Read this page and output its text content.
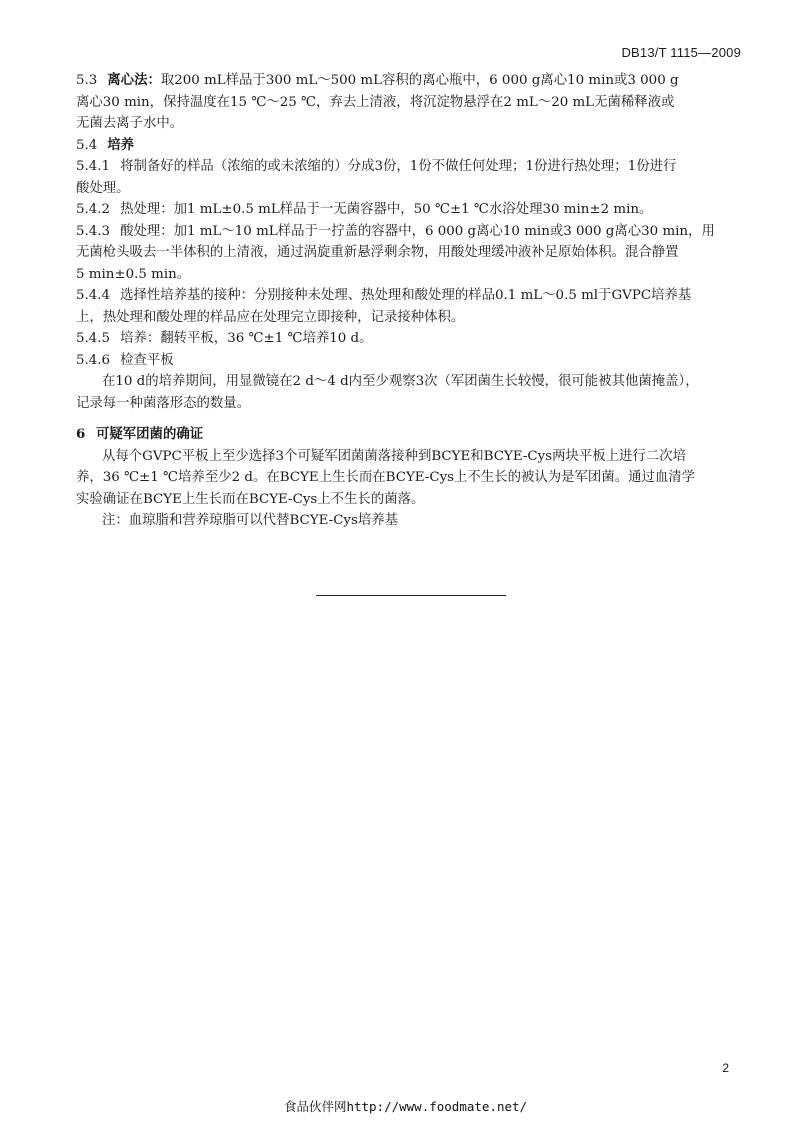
DB13/T 1115—2009
5.3 离心法：取200 mL样品于300 mL～500 mL容积的离心瓶中，6 000 g离心10 min或3 000 g
离心30 min，保持温度在15 ℃～25 ℃，弃去上清液，将沉淀物悬浮在2 mL～20 mL无菌稀释液或
无菌去离子水中。
5.4 培养
5.4.1 将制备好的样品（浓缩的或未浓缩的）分成3份，1份不做任何处理；1份进行热处理；1份进行
酸处理。
5.4.2 热处理：加1 mL±0.5 mL样品于一无菌容器中，50 ℃±1 ℃水浴处理30 min±2 min。
5.4.3 酸处理：加1 mL～10 mL样品于一拧盖的容器中，6 000 g离心10 min或3 000 g离心30 min，用
无菌枪头吸去一半体积的上清液，通过涡旋重新悬浮剩余物，用酸处理缓冲液补足原始体积。混合静置
5 min±0.5 min。
5.4.4 选择性培养基的接种：分别接种未处理、热处理和酸处理的样品0.1 mL～0.5 ml于GVPC培养基
上，热处理和酸处理的样品应在处理完立即接种，记录接种体积。
5.4.5 培养：翻转平板，36 ℃±1 ℃培养10 d。
5.4.6 检查平板
在10 d的培养期间，用显微镜在2 d～4 d内至少观察3次（军团菌生长较慢，很可能被其他菌掩盖），
记录每一种菌落形态的数量。
6 可疑军团菌的确证
从每个GVPC平板上至少选择3个可疑军团菌菌落接种到BCYE和BCYE-Cys两块平板上进行二次培
养，36 ℃±1 ℃培养至少2 d。在BCYE上生长而在BCYE-Cys上不生长的被认为是军团菌。通过血清学
实验确证在BCYE上生长而在BCYE-Cys上不生长的菌落。
注：血琼脂和营养琼脂可以代替BCYE-Cys培养基
2
食品伙伴网http://www.foodmate.net/
